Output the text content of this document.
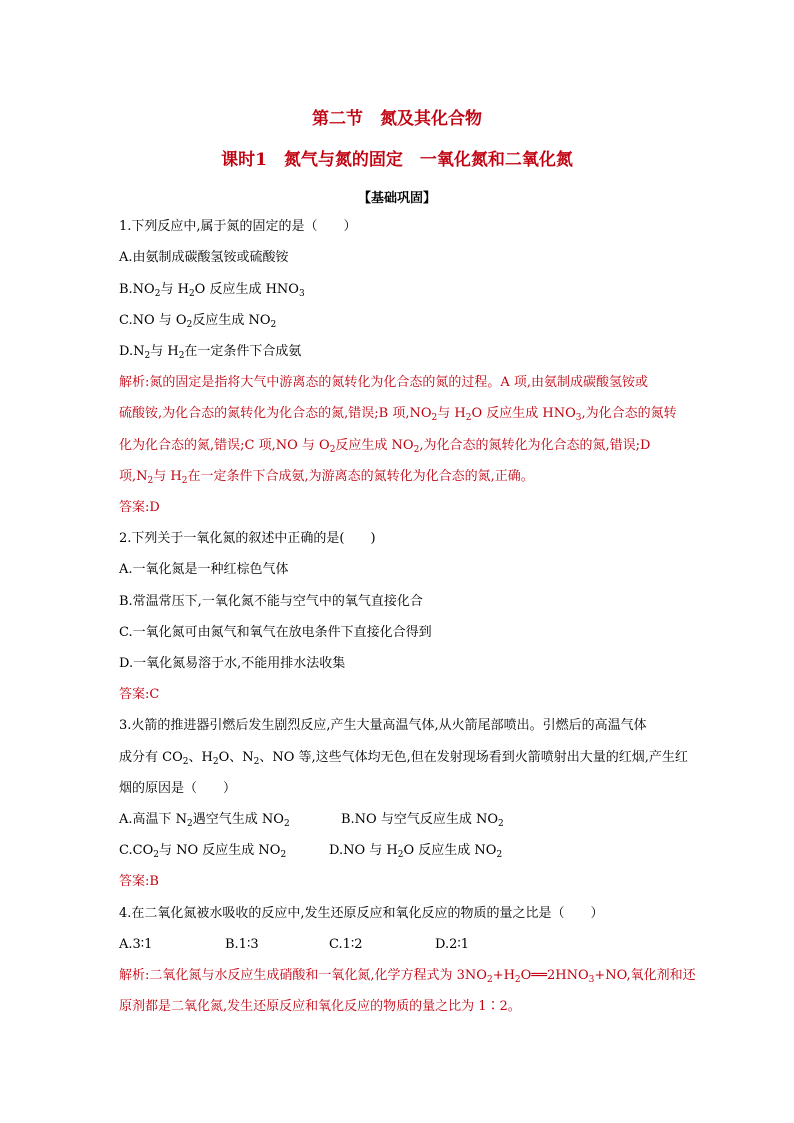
第二节　氮及其化合物
课时1　氮气与氮的固定　一氧化氮和二氧化氮
【基础巩固】
1.下列反应中,属于氮的固定的是（　　）
A.由氨制成碳酸氢铵或硫酸铵
$B.NO_2$与 $H_2O$ 反应生成 $HNO_3$
C.NO 与 $O_2$反应生成 $NO_2$
$D.N_2$与 $H_2$在一定条件下合成氨
解析:氮的固定是指将大气中游离态的氮转化为化合态的氮的过程。A 项,由氨制成碳酸氢铵或
硫酸铵,为化合态的氮转化为化合态的氮,错误;B 项$,NO_2$与 $H_2O$ 反应生成 $HNO_3$,为化合态的氮转
化为化合态的氮,错误;C 项,NO 与 $O_2$反应生成 $NO_2$,为化合态的氮转化为化合态的氮,错误;D
项$,N_2$与 $H_2$在一定条件下合成氨,为游离态的氮转化为化合态的氮,正确。
答案:D
2.下列关于一氧化氮的叙述中正确的是(　　)
A.一氧化氮是一种红棕色气体
B.常温常压下,一氧化氮不能与空气中的氧气直接化合
C.一氧化氮可由氮气和氧气在放电条件下直接化合得到
D.一氧化氮易溶于水,不能用排水法收集
答案:C
3.火箭的推进器引燃后发生剧烈反应,产生大量高温气体,从火箭尾部喷出。引燃后的高温气体
成分有 $CO_2$、$H_2O$、$N_2$、NO 等,这些气体均无色,但在发射现场看到火箭喷射出大量的红烟,产生红
烟的原因是（　　）
A.高温下 $N_2$遇空气生成 $NO_2$	B.NO 与空气反应生成 $NO_2$
$C.CO_2$与 NO 反应生成 $NO_2$	D.NO 与 $H_2O$ 反应生成 $NO_2$
答案:B
4.在二氧化氮被水吸收的反应中,发生还原反应和氧化反应的物质的量之比是（　　）
A.3∶1	B.1∶3	C.1∶2	D.2∶1
解析:二氧化氮与水反应生成硝酸和一氧化氮,化学方程式为 $3NO_2+H_2O══2HNO_3+NO$,氧化剂和还
原剂都是二氧化氮,发生还原反应和氧化反应的物质的量之比为 1∶2。
